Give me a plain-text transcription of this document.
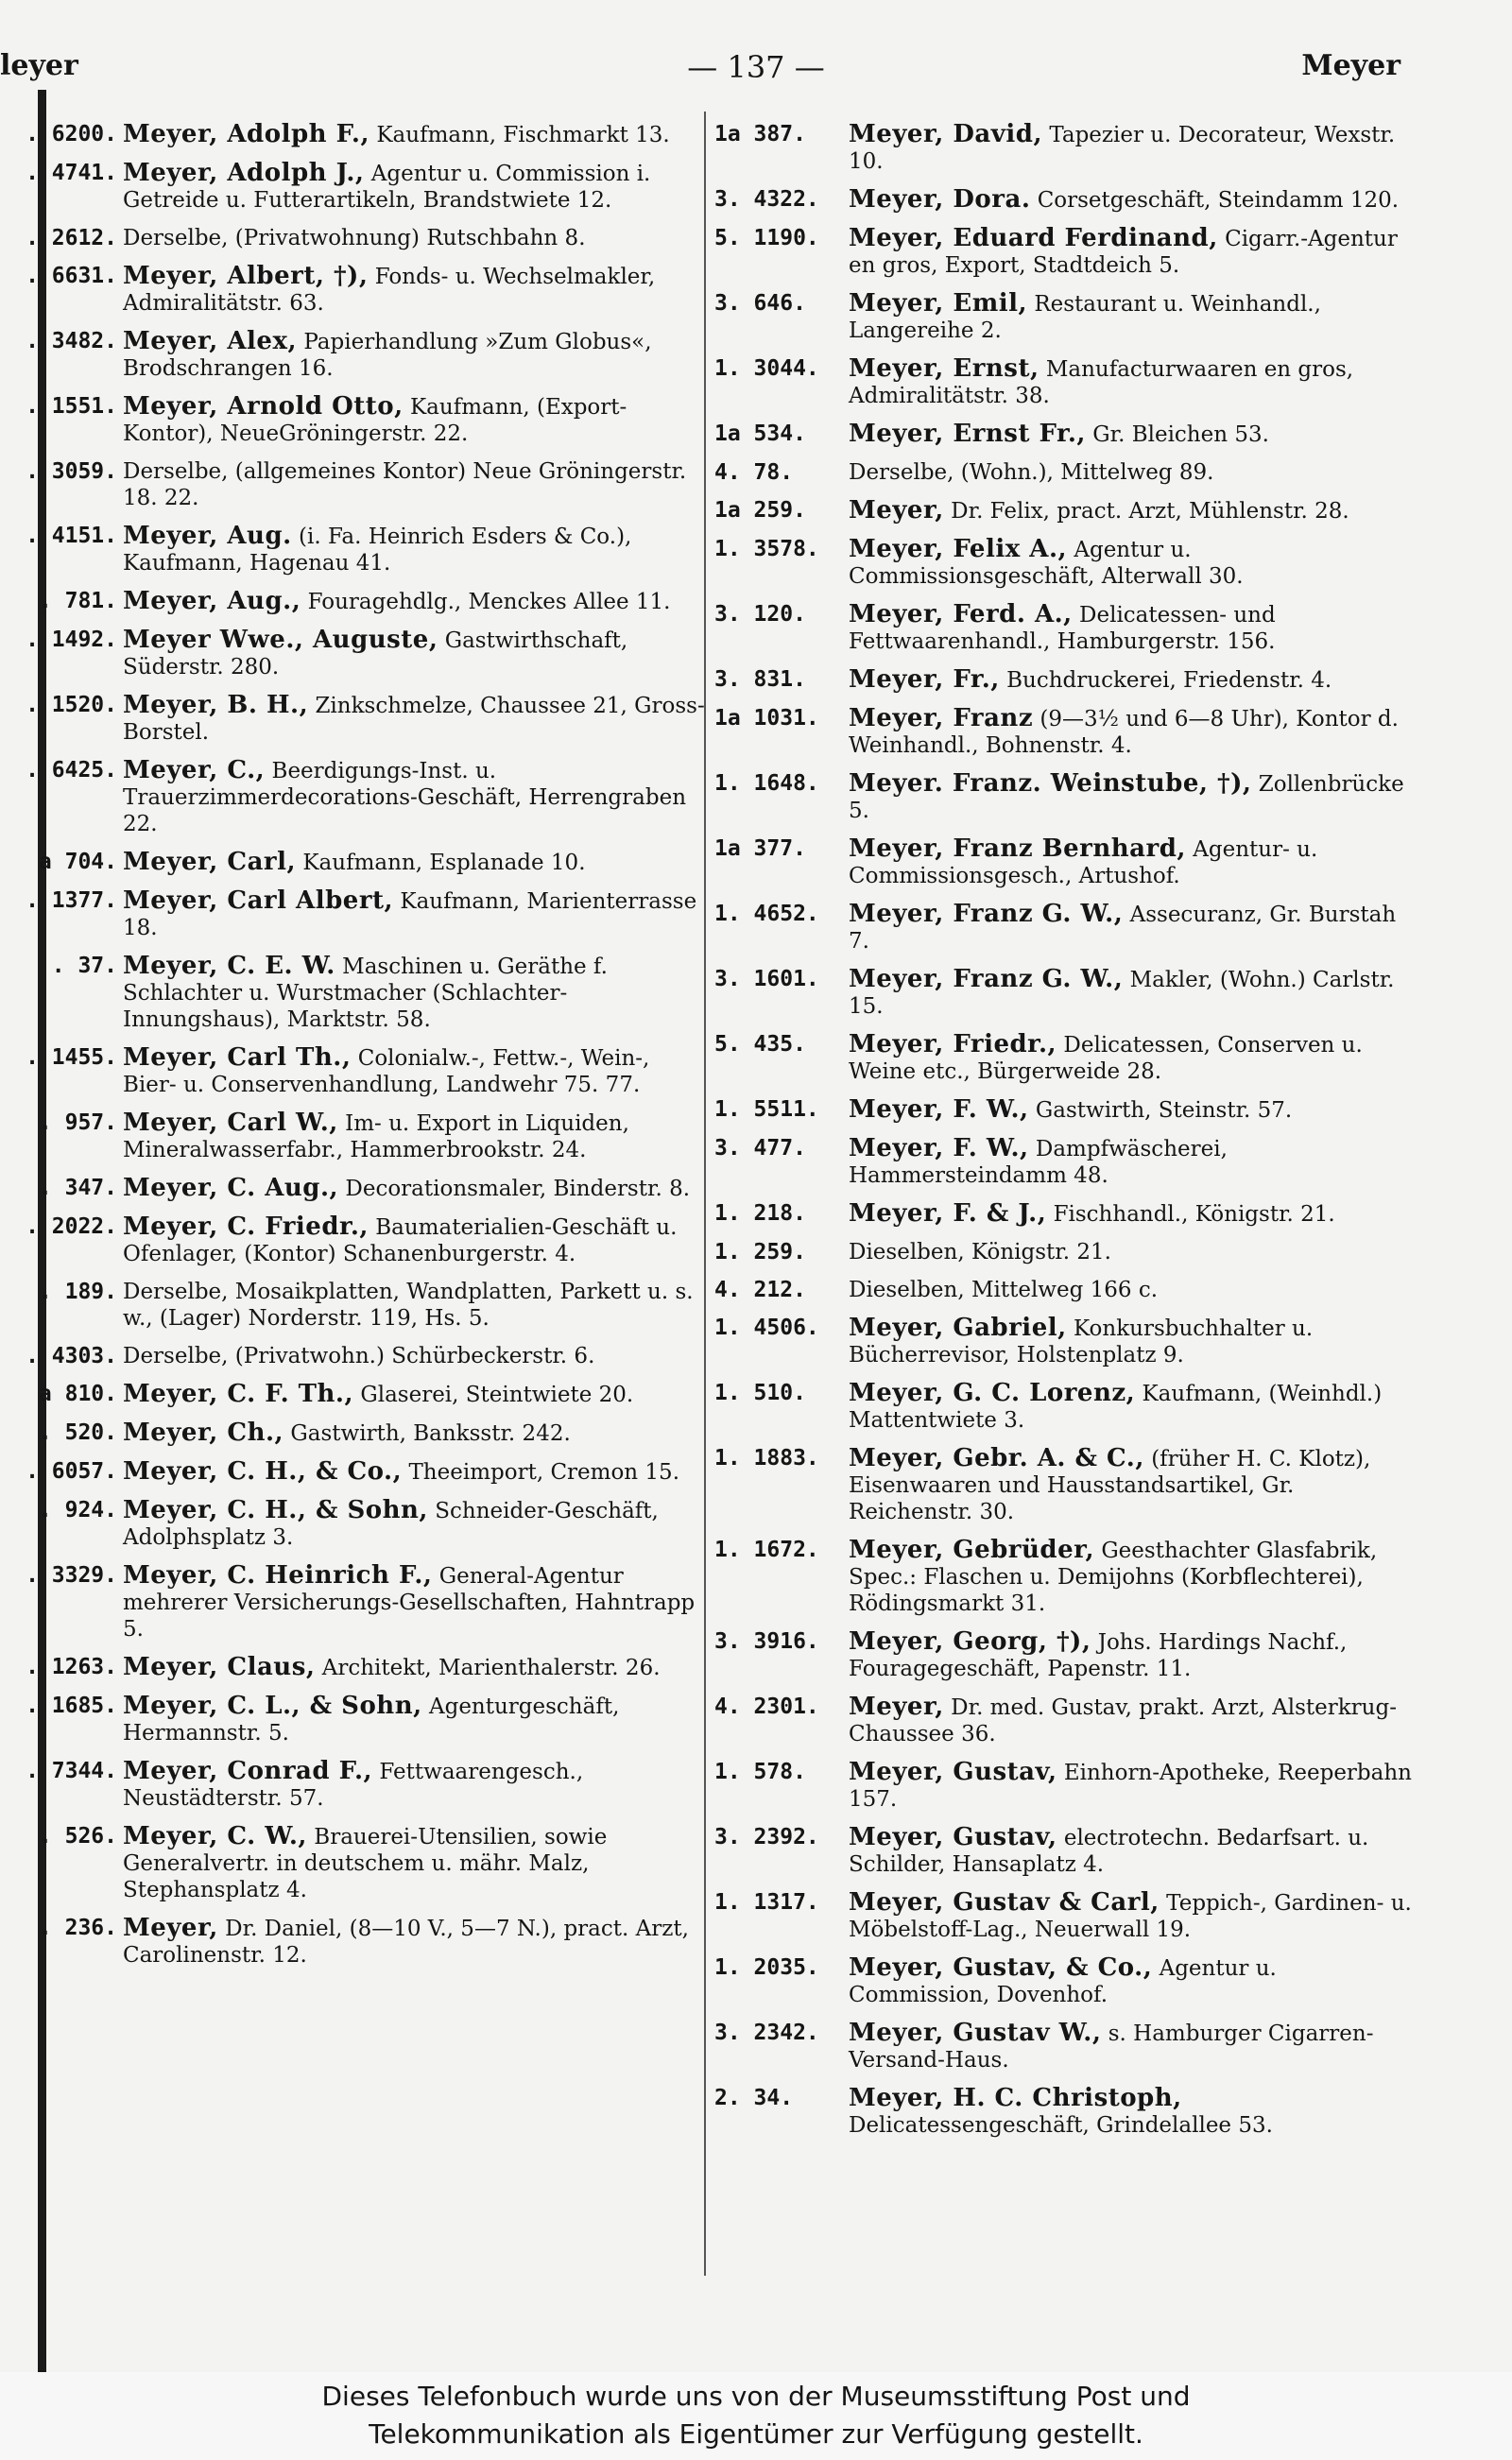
leyer	— 137 —	Meyer
. 6200. Meyer, Adolph F., Kaufmann, Fischmarkt 13.
. 4741. Meyer, Adolph J., Agentur u. Commission i. Getreide u. Futterartikeln, Brandstwiete 12.
. 2612. Derselbe, (Privatwohnung) Rutschbahn 8.
. 6631. Meyer, Albert, †), Fonds- u. Wechselmakler, Admiralitätstr. 63.
. 3482. Meyer, Alex, Papierhandlung »Zum Globus«, Brodschrangen 16.
. 1551. Meyer, Arnold Otto, Kaufmann, (Export-Kontor), NeueGröningerstr. 22.
. 3059. Derselbe, (allgemeines Kontor) Neue Gröningerstr. 18. 22.
. 4151. Meyer, Aug. (i. Fa. Heinrich Esders & Co.), Kaufmann, Hagenau 41.
. 781. Meyer, Aug., Fouragehdlg., Menckes Allee 11.
. 1492. Meyer Wwe., Auguste, Gastwirthschaft, Süderstr. 280.
. 1520. Meyer, B. H., Zinkschmelze, Chaussee 21, Gross-Borstel.
. 6425. Meyer, C., Beerdigungs-Inst. u. Trauerzimmerdecorations-Geschäft, Herrengraben 22.
a 704. Meyer, Carl, Kaufmann, Esplanade 10.
. 1377. Meyer, Carl Albert, Kaufmann, Marienterrasse 18.
. 37. Meyer, C. E. W. Maschinen u. Geräthe f. Schlachter u. Wurstmacher (Schlachter-Innungshaus), Marktstr. 58.
. 1455. Meyer, Carl Th., Colonialw.-, Fettw.-, Wein-, Bier- u. Conservenhandlung, Landwehr 75. 77.
. 957. Meyer, Carl W., Im- u. Export in Liquiden, Mineralwasserfabr., Hammerbrookstr. 24.
. 347. Meyer, C. Aug., Decorationsmaler, Binderstr. 8.
. 2022. Meyer, C. Friedr., Baumaterialien-Geschäft u. Ofenlager, (Kontor) Schanenburgerstr. 4.
. 189. Derselbe, Mosaikplatten, Wandplatten, Parkett u. s. w., (Lager) Norderstr. 119, Hs. 5.
. 4303. Derselbe, (Privatwohn.) Schürbeckerstr. 6.
a 810. Meyer, C. F. Th., Glaserei, Steintwiete 20.
. 520. Meyer, Ch., Gastwirth, Banksstr. 242.
. 6057. Meyer, C. H., & Co., Theeimport, Cremon 15.
. 924. Meyer, C. H., & Sohn, Schneider-Geschäft, Adolphsplatz 3.
. 3329. Meyer, C. Heinrich F., General-Agentur mehrerer Versicherungs-Gesellschaften, Hahntrapp 5.
. 1263. Meyer, Claus, Architekt, Marienthalerstr. 26.
. 1685. Meyer, C. L., & Sohn, Agenturgeschäft, Hermannstr. 5.
. 7344. Meyer, Conrad F., Fettwaarengesch., Neustädterstr. 57.
. 526. Meyer, C. W., Brauerei-Utensilien, sowie Generalvertr. in deutschem u. mähr. Malz, Stephansplatz 4.
. 236. Meyer, Dr. Daniel, (8—10 V., 5—7 N.), pract. Arzt, Carolinenstr. 12.
1a 387.	Meyer, David, Tapezier u. Decorateur, Wexstr. 10.
3. 4322.	Meyer, Dora. Corsetgeschäft, Steindamm 120.
5. 1190.	Meyer, Eduard Ferdinand, Cigarr.-Agentur en gros, Export, Stadtdeich 5.
3. 646.	Meyer, Emil, Restaurant u. Weinhandl., Langereihe 2.
1. 3044.	Meyer, Ernst, Manufacturwaaren en gros, Admiralitätstr. 38.
1a 534.	Meyer, Ernst Fr., Gr. Bleichen 53.
4. 78.	Derselbe, (Wohn.), Mittelweg 89.
1a 259.	Meyer, Dr. Felix, pract. Arzt, Mühlenstr. 28.
1. 3578.	Meyer, Felix A., Agentur u. Commissionsgeschäft, Alterwall 30.
3. 120.	Meyer, Ferd. A., Delicatessen- und Fettwaarenhandl., Hamburgerstr. 156.
3. 831.	Meyer, Fr., Buchdruckerei, Friedenstr. 4.
1a 1031.	Meyer, Franz (9—3½ und 6—8 Uhr), Kontor d. Weinhandl., Bohnenstr. 4.
1. 1648.	Meyer. Franz. Weinstube, †), Zollenbrücke 5.
1a 377.	Meyer, Franz Bernhard, Agentur- u. Commissionsgesch., Artushof.
1. 4652.	Meyer, Franz G. W., Assecuranz, Gr. Burstah 7.
3. 1601.	Meyer, Franz G. W., Makler, (Wohn.) Carlstr. 15.
5. 435.	Meyer, Friedr., Delicatessen, Conserven u. Weine etc., Bürgerweide 28.
1. 5511.	Meyer, F. W., Gastwirth, Steinstr. 57.
3. 477.	Meyer, F. W., Dampfwäscherei, Hammersteindamm 48.
1. 218.	Meyer, F. & J., Fischhandl., Königstr. 21.
1. 259.	Dieselben, Königstr. 21.
4. 212.	Dieselben, Mittelweg 166 c.
1. 4506.	Meyer, Gabriel, Konkursbuchhalter u. Bücherrevisor, Holstenplatz 9.
1. 510.	Meyer, G. C. Lorenz, Kaufmann, (Weinhdl.) Mattentwiete 3.
1. 1883.	Meyer, Gebr. A. & C., (früher H. C. Klotz), Eisenwaaren und Hausstandsartikel, Gr. Reichenstr. 30.
1. 1672.	Meyer, Gebrüder, Geesthachter Glasfabrik, Spec.: Flaschen u. Demijohns (Korbflechterei), Rödingsmarkt 31.
3. 3916.	Meyer, Georg, †), Johs. Hardings Nachf., Fouragegeschäft, Papenstr. 11.
4. 2301.	Meyer, Dr. med. Gustav, prakt. Arzt, Alsterkrug-Chaussee 36.
1. 578.	Meyer, Gustav, Einhorn-Apotheke, Reeperbahn 157.
3. 2392.	Meyer, Gustav, electrotechn. Bedarfsart. u. Schilder, Hansaplatz 4.
1. 1317.	Meyer, Gustav & Carl, Teppich-, Gardinen- u. Möbelstoff-Lag., Neuerwall 19.
1. 2035.	Meyer, Gustav, & Co., Agentur u. Commission, Dovenhof.
3. 2342.	Meyer, Gustav W., s. Hamburger Cigarren-Versand-Haus.
2. 34.	Meyer, H. C. Christoph, Delicatessengeschäft, Grindelallee 53.
Dieses Telefonbuch wurde uns von der Museumsstiftung Post und
Telekommunikation als Eigentümer zur Verfügung gestellt.
